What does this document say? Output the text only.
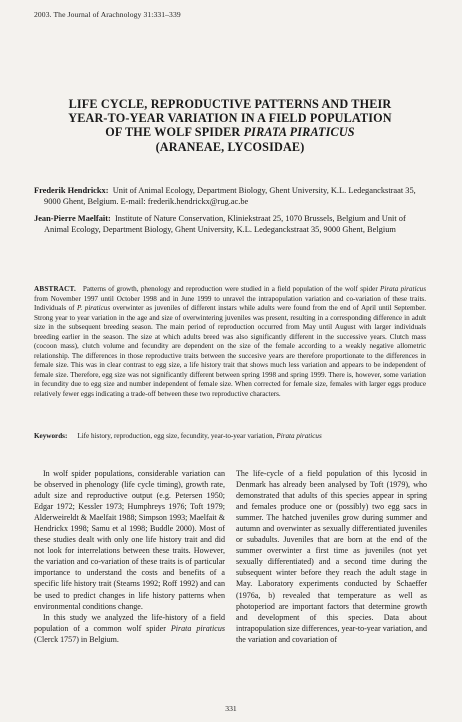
2003. The Journal of Arachnology 31:331–339
LIFE CYCLE, REPRODUCTIVE PATTERNS AND THEIR
YEAR-TO-YEAR VARIATION IN A FIELD POPULATION
OF THE WOLF SPIDER PIRATA PIRATICUS
(ARANEAE, LYCOSIDAE)

Frederik Hendrickx: Unit of Animal Ecology, Department Biology, Ghent University, K.L. Ledeganckstraat 35, 9000 Ghent, Belgium. E-mail: frederik.hendrickx@rug.ac.be

Jean-Pierre Maelfait: Institute of Nature Conservation, Kliniekstraat 25, 1070 Brussels, Belgium and Unit of Animal Ecology, Department Biology, Ghent University, K.L. Ledeganckstraat 35, 9000 Ghent, Belgium

ABSTRACT. Patterns of growth, phenology and reproduction were studied in a field population of the wolf spider Pirata piraticus from November 1997 until October 1998 and in June 1999 to unravel the intrapopulation variation and co-variation of these traits. Individuals of P. piraticus overwinter as juveniles of different instars while adults were found from the end of April until September. Strong year to year variation in the age and size of overwintering juveniles was present, resulting in a corresponding difference in adult size in the subsequent breeding season. The main period of reproduction occurred from May until August with larger individuals breeding earlier in the season. The size at which adults breed was also significantly different in the successive years. Clutch mass (cocoon mass), clutch volume and fecundity are dependent on the size of the female according to a weakly negative allometric relationship. The differences in those reproductive traits between the succesive years are therefore proportionate to the differences in female size. This was in clear contrast to egg size, a life history trait that shows much less variation and appears to be independent of female size. Therefore, egg size was not significantly different between spring 1998 and spring 1999. There is, however, some variation in fecundity due to egg size and number independent of female size. When corrected for female size, females with larger eggs produce relatively fewer eggs indicating a trade-off between these two reproductive characters.
Keywords: Life history, reproduction, egg size, fecundity, year-to-year variation, Pirata piraticus

In wolf spider populations, considerable variation can be observed in phenology (life cycle timing), growth rate, adult size and reproductive output (e.g. Petersen 1950; Edgar 1972; Kessler 1973; Humphreys 1976; Toft 1979; Alderweireldt & Maelfait 1988; Simpson 1993; Maelfait & Hendrickx 1998; Samu et al 1998; Buddle 2000). Most of these studies dealt with only one life history trait and did not look for interrelations between these traits. However, the variation and co-variation of these traits is of particular importance to understand the costs and benefits of a specific life history trait (Stearns 1992; Roff 1992) and can be used to predict changes in life history patterns when environmental conditions change.

In this study we analyzed the life-history of a field population of a common wolf spider Pirata piraticus (Clerck 1757) in Belgium.

The life-cycle of a field population of this lycosid in Denmark has already been analysed by Toft (1979), who demonstrated that adults of this species appear in spring and females produce one or (possibly) two egg sacs in summer. The hatched juveniles grow during summer and autumn and overwinter as sexually differentiated juveniles or subadults. Juveniles that are born at the end of the summer overwinter a first time as juveniles (not yet sexually differentiated) and a second time during the subsequent winter before they reach the adult stage in May. Laboratory experiments conducted by Schaeffer (1976a, b) revealed that temperature as well as photoperiod are important factors that determine growth and development of this species. Data about intrapopulation size differences, year-to-year variation, and the variation and covariation of

331
